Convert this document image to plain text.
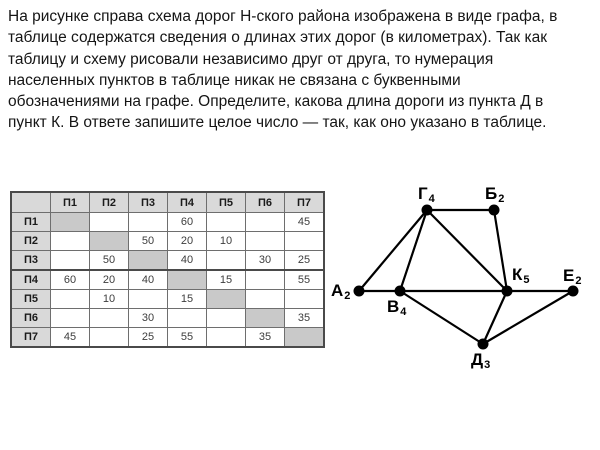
На рисунке справа схема дорог Н-ского района изображена в виде графа, в
таблице содержатся сведения о длинах этих дорог (в километрах). Так как
таблицу и схему рисовали независимо друг от друга, то нумерация
населенных пунктов в таблице никак не связана с буквенными
обозначениями на графе. Определите, какова длина дороги из пункта Д в
пункт К. В ответе запишите целое число — так, как оно указано в таблице.
	П1	П2	П3	П4	П5	П6	П7
П1				60			45
П2			50	20	10		
П3		50		40		30	25
П4	60	20	40		15		55
П5		10		15			
П6			30				35
П7	45		25	55		35	
А2
Б2
В4
Г4
Д3
Е2
К5
